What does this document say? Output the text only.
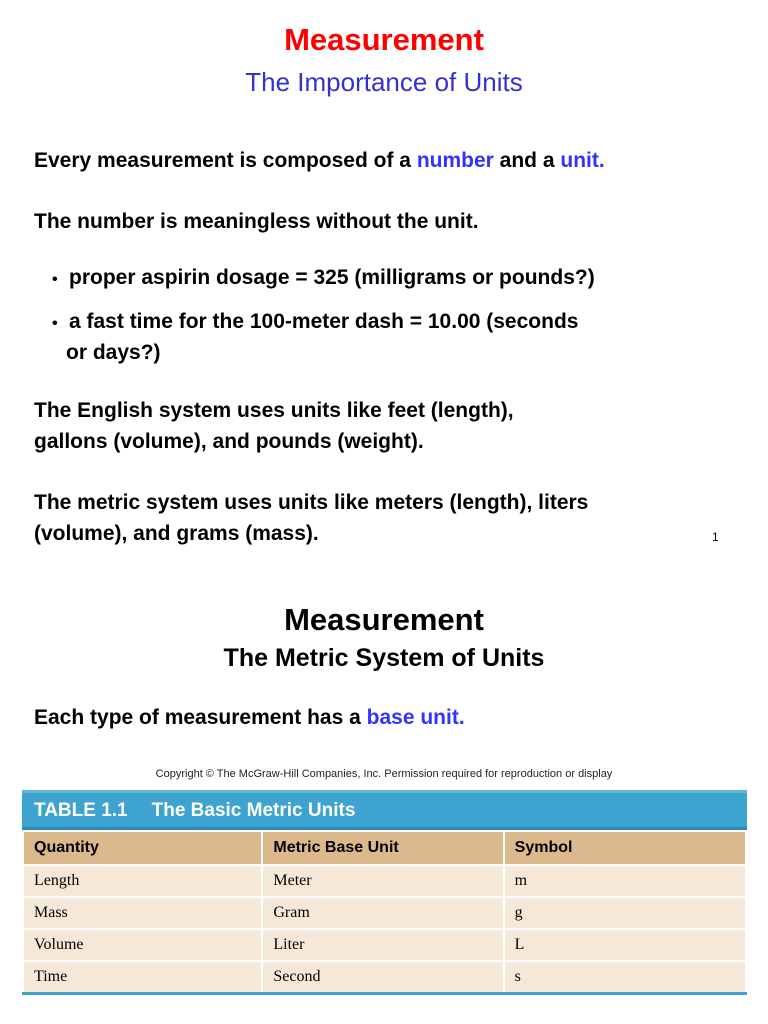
Measurement
The Importance of Units
Every measurement is composed of a number and a unit.
The number is meaningless without the unit.
• proper aspirin dosage = 325 (milligrams or pounds?)
• a fast time for the 100-meter dash = 10.00 (seconds
or days?)
The English system uses units like feet (length),
gallons (volume), and pounds (weight).
The metric system uses units like meters (length), liters
(volume), and grams (mass).	1
Measurement
The Metric System of Units
Each type of measurement has a base unit.
Copyright © The McGraw-Hill Companies, Inc. Permission required for reproduction or display
TABLE 1.1 The Basic Metric Units
Quantity	Metric Base Unit	Symbol
Length	Meter	m
Mass	Gram	g
Volume	Liter	L
Time	Second	s
